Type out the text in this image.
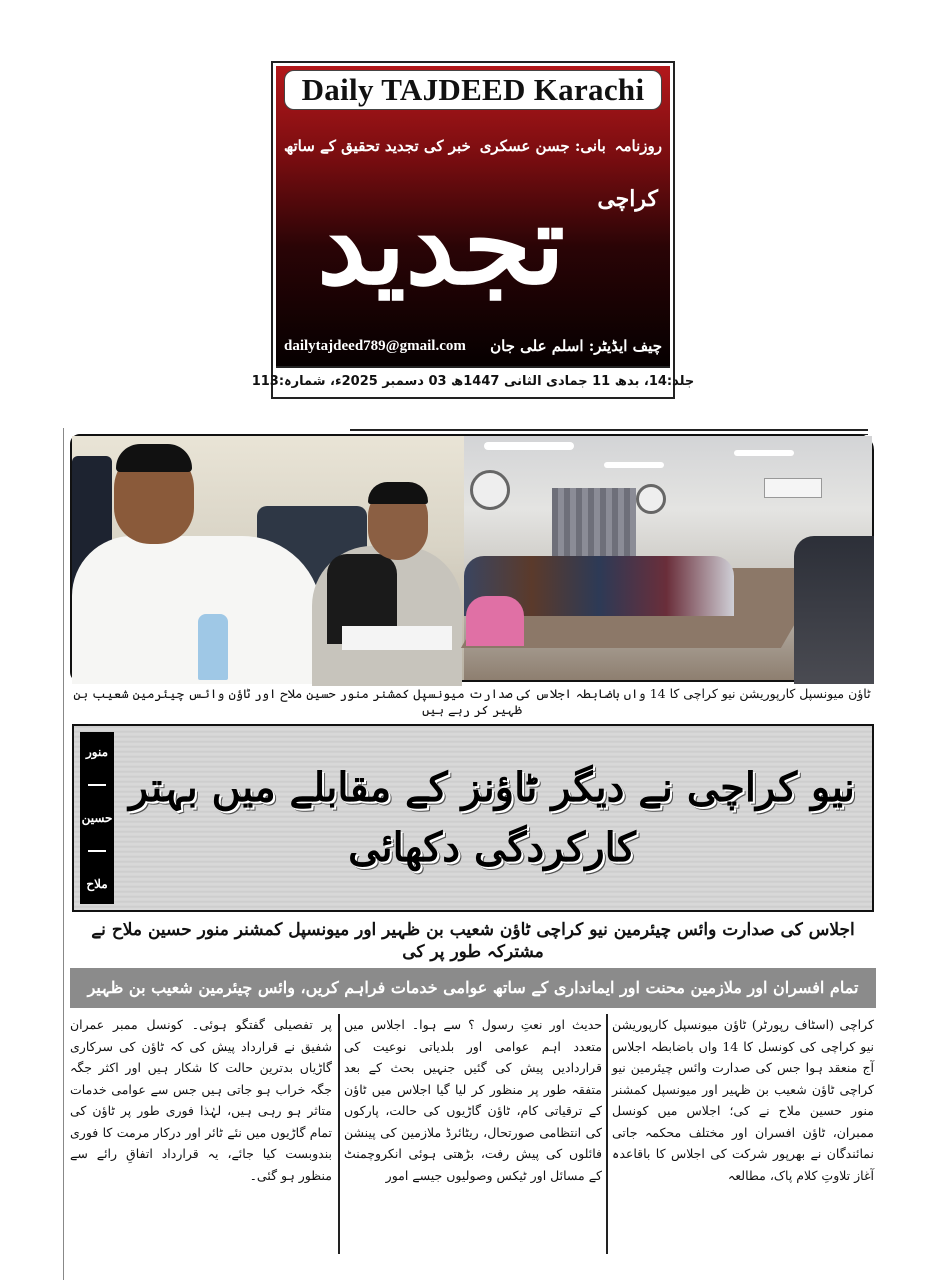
Daily TAJDEED Karachi
روزنامہ
بانی: جسن عسکری
خبر کی تجدید تحقیق کے ساتھ
تجدید	کراچی
dailytajdeed789@gmail.com چیف ایڈیٹر: اسلم علی جان
جلد:14، بدھ 11 جمادی الثانی 1447ھ 03 دسمبر 2025ء، شمارہ:113
ٹاؤن میونسپل کارپوریشن نیو کراچی کا 14 واں باضابطہ اجلاس کی صدارت میونسپل کمشنر منور حسین ملاح اور ٹاؤن وائس چیئرمین شعیب بن ظہیر کر رہے ہیں
منور
حسین
ملاح
نیو کراچی نے دیگر ٹاؤنز کے مقابلے میں بہتر کارکردگی دکھائی
اجلاس کی صدارت وائس چیئرمین نیو کراچی ٹاؤن شعیب بن ظہیر اور میونسپل کمشنر منور حسین ملاح نے مشترکہ طور پر کی
تمام افسران اور ملازمین محنت اور ایمانداری کے ساتھ عوامی خدمات فراہم کریں، وائس چیئرمین شعیب بن ظہیر
کراچی (اسٹاف رپورٹر) ٹاؤن میونسپل کارپوریشن نیو کراچی کی کونسل کا 14 واں باضابطہ اجلاس آج منعقد ہوا جس کی صدارت وائس چیئرمین نیو کراچی ٹاؤن شعیب بن ظہیر اور میونسپل کمشنر منور حسین ملاح نے کی؛ اجلاس میں کونسل ممبران، ٹاؤن افسران اور مختلف محکمہ جاتی نمائندگان نے بھرپور شرکت کی اجلاس کا باقاعدہ آغاز تلاوتِ کلام پاک، مطالعہ
حدیث اور نعتِ رسول ؟ سے ہوا۔ اجلاس میں متعدد اہم عوامی اور بلدیاتی نوعیت کی قراردادیں پیش کی گئیں جنہیں بحث کے بعد متفقہ طور پر منظور کر لیا گیا اجلاس میں ٹاؤن کے ترقیاتی کام، ٹاؤن گاڑیوں کی حالت، پارکوں کی انتظامی صورتحال، ریٹائرڈ ملازمین کی پینشن فائلوں کی پیش رفت، بڑھتی ہوئی انکروچمنٹ کے مسائل اور ٹیکس وصولیوں جیسے امور
پر تفصیلی گفتگو ہوئی۔ کونسل ممبر عمران شفیق نے قرارداد پیش کی کہ ٹاؤن کی سرکاری گاڑیاں بدترین حالت کا شکار ہیں اور اکثر جگہ جگہ خراب ہو جاتی ہیں جس سے عوامی خدمات متاثر ہو رہی ہیں، لہٰذا فوری طور پر ٹاؤن کی تمام گاڑیوں میں نئے ٹائر اور درکار مرمت کا فوری بندوبست کیا جائے، یہ قرارداد اتفاقِ رائے سے منظور ہو گئی۔
